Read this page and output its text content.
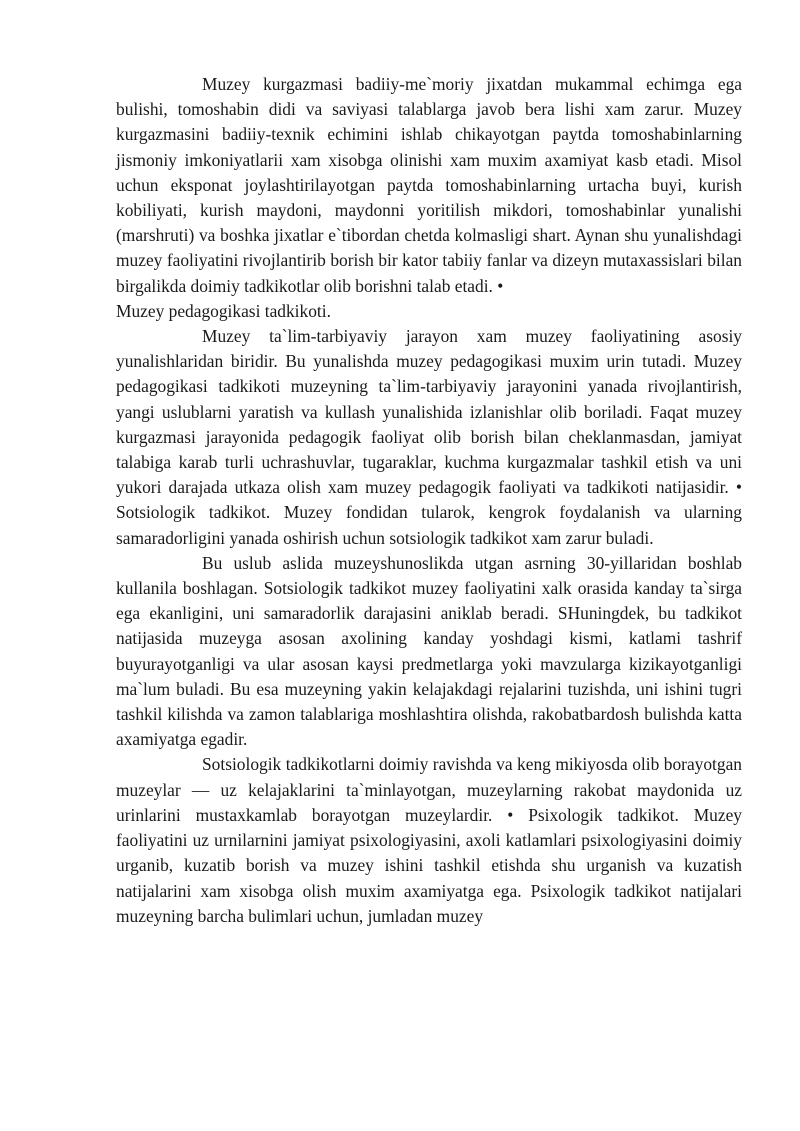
Muzey kurgazmasi badiiy-me`moriy jixatdan mukammal echimga ega bulishi, tomoshabin didi va saviyasi talablarga javob bera lishi xam zarur. Muzey kurgazmasini badiiy-texnik echimini ishlab chikayotgan paytda tomoshabinlarning jismoniy imkoniyatlarii xam xisobga olinishi xam muxim axamiyat kasb etadi. Misol uchun eksponat joylashtirilayotgan paytda tomoshabinlarning urtacha buyi, kurish kobiliyati, kurish maydoni, maydonni yoritilish mikdori, tomoshabinlar yunalishi (marshruti) va boshka jixatlar e`tibordan chetda kolmasligi shart. Aynan shu yunalishdagi muzey faoliyatini rivojlantirib borish bir kator tabiiy fanlar va dizeyn mutaxassislari bilan birgalikda doimiy tadkikotlar olib borishni talab etadi. •

Muzey pedagogikasi tadkikoti.

Muzey ta`lim-tarbiyaviy jarayon xam muzey faoliyatining asosiy yunalishlaridan biridir. Bu yunalishda muzey pedagogikasi muxim urin tutadi. Muzey pedagogikasi tadkikoti muzeyning ta`lim-tarbiyaviy jarayonini yanada rivojlantirish, yangi uslublarni yaratish va kullash yunalishida izlanishlar olib boriladi. Faqat muzey kurgazmasi jarayonida pedagogik faoliyat olib borish bilan cheklanmasdan, jamiyat talabiga karab turli uchrashuvlar, tugaraklar, kuchma kurgazmalar tashkil etish va uni yukori darajada utkaza olish xam muzey pedagogik faoliyati va tadkikoti natijasidir. • Sotsiologik tadkikot. Muzey fondidan tularok, kengrok foydalanish va ularning samaradorligini yanada oshirish uchun sotsiologik tadkikot xam zarur buladi.

Bu uslub aslida muzeyshunoslikda utgan asrning 30-yillaridan boshlab kullanila boshlagan. Sotsiologik tadkikot muzey faoliyatini xalk orasida kanday ta`sirga ega ekanligini, uni samaradorlik darajasini aniklab beradi. SHuningdek, bu tadkikot natijasida muzeyga asosan axolining kanday yoshdagi kismi, katlami tashrif buyurayotganligi va ular asosan kaysi predmetlarga yoki mavzularga kizikayotganligi ma`lum buladi. Bu esa muzeyning yakin kelajakdagi rejalarini tuzishda, uni ishini tugri tashkil kilishda va zamon talablariga moshlashtira olishda, rakobatbardosh bulishda katta axamiyatga egadir.

Sotsiologik tadkikotlarni doimiy ravishda va keng mikiyosda olib borayotgan muzeylar — uz kelajaklarini ta`minlayotgan, muzeylarning rakobat maydonida uz urinlarini mustaxkamlab borayotgan muzeylardir. • Psixologik tadkikot. Muzey faoliyatini uz urnilarnini jamiyat psixologiyasini, axoli katlamlari psixologiyasini doimiy urganib, kuzatib borish va muzey ishini tashkil etishda shu urganish va kuzatish natijalarini xam xisobga olish muxim axamiyatga ega. Psixologik tadkikot natijalari muzeyning barcha bulimlari uchun, jumladan muzey
